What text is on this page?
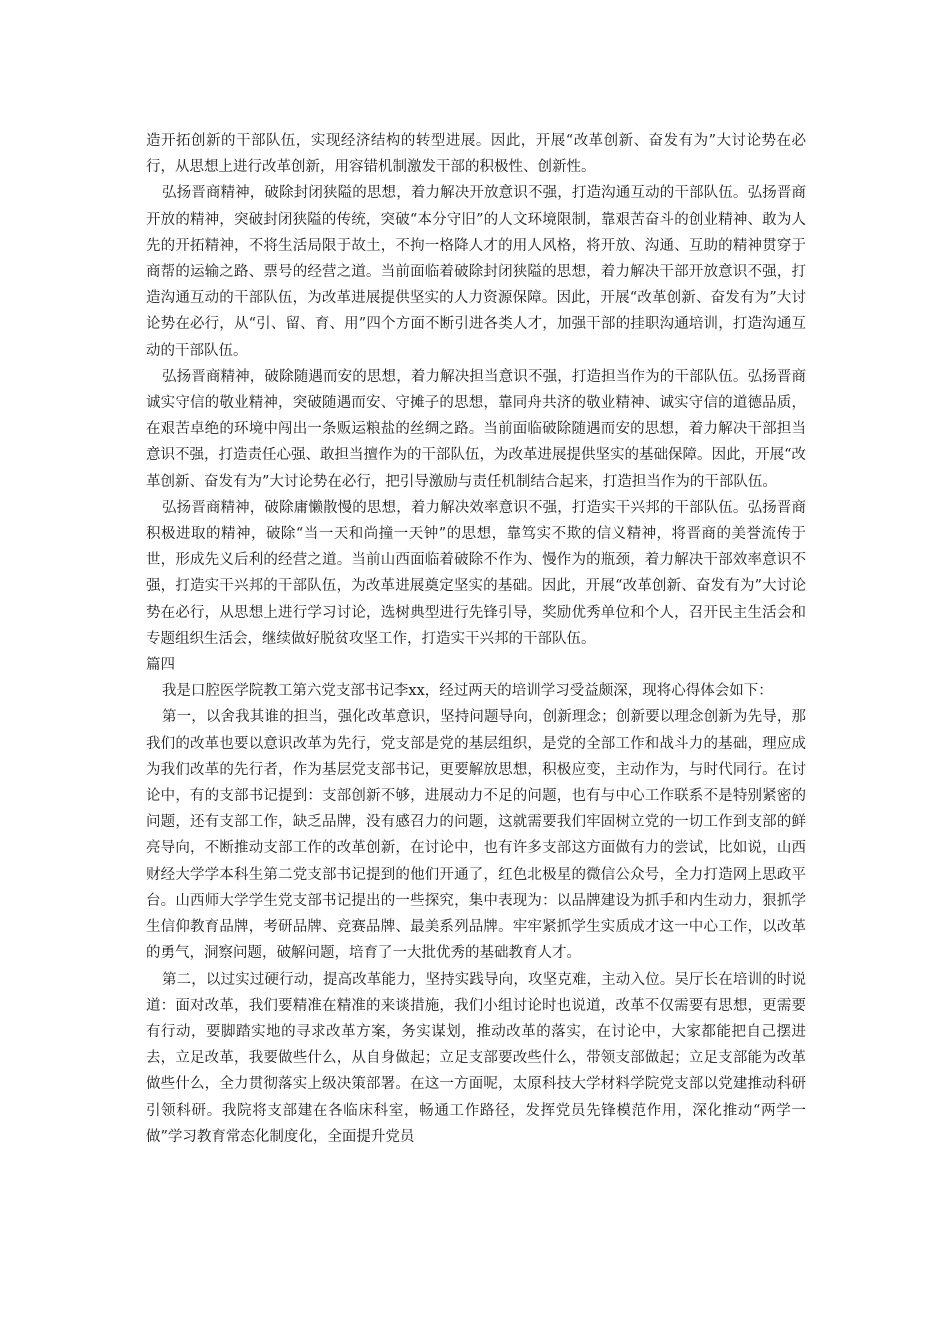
造开拓创新的干部队伍，实现经济结构的转型进展。因此，开展“改革创新、奋发有为”大讨论势在必行，从思想上进行改革创新，用容错机制激发干部的积极性、创新性。

弘扬晋商精神，破除封闭狭隘的思想，着力解决开放意识不强，打造沟通互动的干部队伍。弘扬晋商开放的精神，突破封闭狭隘的传统，突破“本分守旧”的人文环境限制，靠艰苦奋斗的创业精神、敢为人先的开拓精神，不将生活局限于故土，不拘一格降人才的用人风格，将开放、沟通、互助的精神贯穿于商帮的运输之路、票号的经营之道。当前面临着破除封闭狭隘的思想，着力解决干部开放意识不强，打造沟通互动的干部队伍，为改革进展提供坚实的人力资源保障。因此，开展“改革创新、奋发有为”大讨论势在必行，从“引、留、育、用”四个方面不断引进各类人才，加强干部的挂职沟通培训，打造沟通互动的干部队伍。

弘扬晋商精神，破除随遇而安的思想，着力解决担当意识不强，打造担当作为的干部队伍。弘扬晋商诚实守信的敬业精神，突破随遇而安、守摊子的思想，靠同舟共济的敬业精神、诚实守信的道德品质，在艰苦卓绝的环境中闯出一条贩运粮盐的丝绸之路。当前面临破除随遇而安的思想，着力解决干部担当意识不强，打造责任心强、敢担当擅作为的干部队伍，为改革进展提供坚实的基础保障。因此，开展“改革创新、奋发有为”大讨论势在必行，把引导激励与责任机制结合起来，打造担当作为的干部队伍。

弘扬晋商精神，破除庸懒散慢的思想，着力解决效率意识不强，打造实干兴邦的干部队伍。弘扬晋商积极进取的精神，破除“当一天和尚撞一天钟”的思想，靠笃实不欺的信义精神，将晋商的美誉流传于世，形成先义后利的经营之道。当前山西面临着破除不作为、慢作为的瓶颈，着力解决干部效率意识不强，打造实干兴邦的干部队伍，为改革进展奠定坚实的基础。因此，开展“改革创新、奋发有为”大讨论势在必行，从思想上进行学习讨论，选树典型进行先锋引导，奖励优秀单位和个人，召开民主生活会和专题组织生活会，继续做好脱贫攻坚工作，打造实干兴邦的干部队伍。

篇四

我是口腔医学院教工第六党支部书记李xx，经过两天的培训学习受益颇深，现将心得体会如下：

第一，以舍我其谁的担当，强化改革意识，坚持问题导向，创新理念；创新要以理念创新为先导，那我们的改革也要以意识改革为先行，党支部是党的基层组织，是党的全部工作和战斗力的基础，理应成为我们改革的先行者，作为基层党支部书记，更要解放思想，积极应变，主动作为，与时代同行。在讨论中，有的支部书记提到：支部创新不够，进展动力不足的问题，也有与中心工作联系不是特别紧密的问题，还有支部工作，缺乏品牌，没有感召力的问题，这就需要我们牢固树立党的一切工作到支部的鲜亮导向，不断推动支部工作的改革创新，在讨论中，也有许多支部这方面做有力的尝试，比如说，山西财经大学学本科生第二党支部书记提到的他们开通了，红色北极星的微信公众号，全力打造网上思政平台。山西师大学学生党支部书记提出的一些探究，集中表现为：以品牌建设为抓手和内生动力，狠抓学生信仰教育品牌，考研品牌、竞赛品牌、最美系列品牌。牢牢紧抓学生实质成才这一中心工作，以改革的勇气，洞察问题，破解问题，培育了一大批优秀的基础教育人才。

第二，以过实过硬行动，提高改革能力，坚持实践导向，攻坚克难，主动入位。吴厅长在培训的时说道：面对改革，我们要精准在精准的来谈措施，我们小组讨论时也说道，改革不仅需要有思想，更需要有行动，要脚踏实地的寻求改革方案，务实谋划，推动改革的落实，在讨论中，大家都能把自己摆进去，立足改革，我要做些什么，从自身做起；立足支部要改些什么，带领支部做起；立足支部能为改革做些什么，全力贯彻落实上级决策部署。在这一方面呢，太原科技大学材料学院党支部以党建推动科研引领科研。我院将支部建在各临床科室，畅通工作路径，发挥党员先锋模范作用，深化推动“两学一做”学习教育常态化制度化，全面提升党员
